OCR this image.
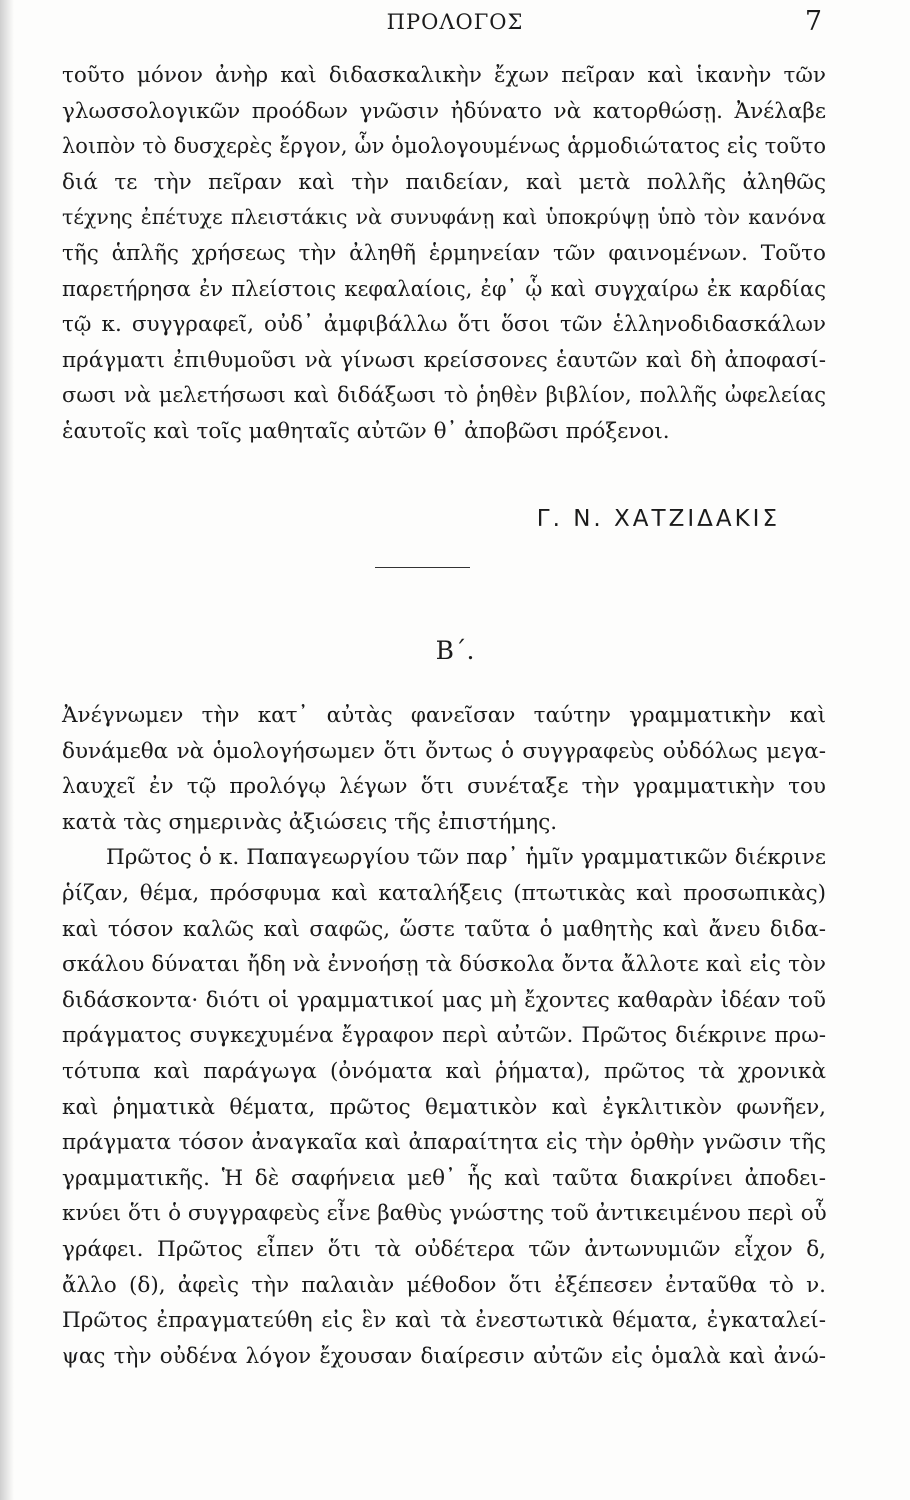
ΠΡΟΛΟΓΟΣ	7
τοῦτο μόνον ἀνὴρ καὶ διδασκαλικὴν ἔχων πεῖραν καὶ ἱκανὴν τῶν
γλωσσολογικῶν προόδων γνῶσιν ἠδύνατο νὰ κατορθώσῃ. Ἀνέλαβε
λοιπὸν τὸ δυσχερὲς ἔργον, ὧν ὁμολογουμένως ἁρμοδιώτατος εἰς τοῦτο
διά τε τὴν πεῖραν καὶ τὴν παιδείαν, καὶ μετὰ πολλῆς ἀληθῶς
τέχνης ἐπέτυχε πλειστάκις νὰ συνυφάνῃ καὶ ὑποκρύψῃ ὑπὸ τὸν κανόνα
τῆς ἁπλῆς χρήσεως τὴν ἀληθῆ ἑρμηνείαν τῶν φαινομένων. Τοῦτο
παρετήρησα ἐν πλείστοις κεφαλαίοις, ἐφ᾽ ᾧ καὶ συγχαίρω ἐκ καρδίας
τῷ κ. συγγραφεῖ, οὐδ᾽ ἀμφιβάλλω ὅτι ὅσοι τῶν ἑλληνοδιδασκάλων
πράγματι ἐπιθυμοῦσι νὰ γίνωσι κρείσσονες ἑαυτῶν καὶ δὴ ἀποφασί-
σωσι νὰ μελετήσωσι καὶ διδάξωσι τὸ ῥηθὲν βιβλίον, πολλῆς ὠφελείας
ἑαυτοῖς καὶ τοῖς μαθηταῖς αὐτῶν θ᾽ ἀποβῶσι πρόξενοι.
Γ. Ν. ΧΑΤΖΙΔΑΚΙΣ
Β΄.
Ἀνέγνωμεν τὴν κατ᾽ αὐτὰς φανεῖσαν ταύτην γραμματικὴν καὶ
δυνάμεθα νὰ ὁμολογήσωμεν ὅτι ὄντως ὁ συγγραφεὺς οὐδόλως μεγα-
λαυχεῖ ἐν τῷ προλόγῳ λέγων ὅτι συνέταξε τὴν γραμματικὴν του
κατὰ τὰς σημερινὰς ἀξιώσεις τῆς ἐπιστήμης.
Πρῶτος ὁ κ. Παπαγεωργίου τῶν παρ᾽ ἡμῖν γραμματικῶν διέκρινε
ῥίζαν, θέμα, πρόσφυμα καὶ καταλήξεις (πτωτικὰς καὶ προσωπικὰς)
καὶ τόσον καλῶς καὶ σαφῶς, ὥστε ταῦτα ὁ μαθητὴς καὶ ἄνευ διδα-
σκάλου δύναται ἤδη νὰ ἐννοήσῃ τὰ δύσκολα ὄντα ἄλλοτε καὶ εἰς τὸν
διδάσκοντα· διότι οἱ γραμματικοί μας μὴ ἔχοντες καθαρὰν ἰδέαν τοῦ
πράγματος συγκεχυμένα ἔγραφον περὶ αὐτῶν. Πρῶτος διέκρινε πρω-
τότυπα καὶ παράγωγα (ὀνόματα καὶ ῥήματα), πρῶτος τὰ χρονικὰ
καὶ ῥηματικὰ θέματα, πρῶτος θεματικὸν καὶ ἐγκλιτικὸν φωνῆεν,
πράγματα τόσον ἀναγκαῖα καὶ ἀπαραίτητα εἰς τὴν ὀρθὴν γνῶσιν τῆς
γραμματικῆς. Ἡ δὲ σαφήνεια μεθ᾽ ἧς καὶ ταῦτα διακρίνει ἀποδει-
κνύει ὅτι ὁ συγγραφεὺς εἶνε βαθὺς γνώστης τοῦ ἀντικειμένου περὶ οὗ
γράφει. Πρῶτος εἶπεν ὅτι τὰ οὐδέτερα τῶν ἀντωνυμιῶν εἶχον δ,
ἄλλο (δ), ἀφεὶς τὴν παλαιὰν μέθοδον ὅτι ἐξέπεσεν ἐνταῦθα τὸ ν.
Πρῶτος ἐπραγματεύθη εἰς ἓν καὶ τὰ ἐνεστωτικὰ θέματα, ἐγκαταλεί-
ψας τὴν οὐδένα λόγον ἔχουσαν διαίρεσιν αὐτῶν εἰς ὁμαλὰ καὶ ἀνώ-
